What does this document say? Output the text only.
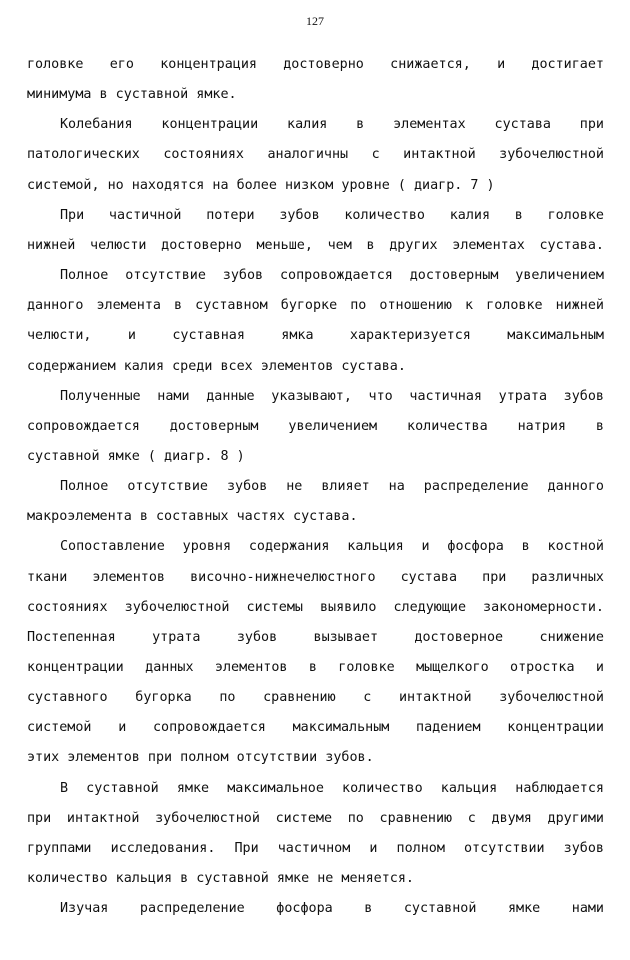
127
головке его концентрация достоверно снижается, и достигает
минимума в суставной ямке.
Колебания концентрации калия в элементах сустава при
патологических состояниях аналогичны с интактной зубочелюстной
системой, но находятся на более низком уровне ( диагр. 7 )
При частичной потери зубов количество калия в головке
нижней челюсти достоверно меньше, чем в других элементах сустава.
Полное отсутствие зубов сопровождается достоверным увеличением
данного элемента в суставном бугорке по отношению к головке нижней
челюсти, и суставная ямка характеризуется максимальным
содержанием калия среди всех элементов сустава.
Полученные нами данные указывают, что частичная утрата зубов
сопровождается достоверным увеличением количества натрия в
суставной ямке ( диагр. 8 )
Полное отсутствие зубов не влияет на распределение данного
макроэлемента в составных частях сустава.
Сопоставление уровня содержания кальция и фосфора в костной
ткани элементов височно-нижнечелюстного сустава при различных
состояниях зубочелюстной системы выявило следующие закономерности.
Постепенная утрата зубов вызывает достоверное снижение
концентрации данных элементов в головке мыщелкого отростка и
суставного бугорка по сравнению с интактной зубочелюстной
системой и сопровождается максимальным падением концентрации
этих элементов при полном отсутствии зубов.
В суставной ямке максимальное количество кальция наблюдается
при интактной зубочелюстной системе по сравнению с двумя другими
группами исследования. При частичном и полном отсутствии зубов
количество кальция в суставной ямке не меняется.
Изучая распределение фосфора в суставной ямке нами
